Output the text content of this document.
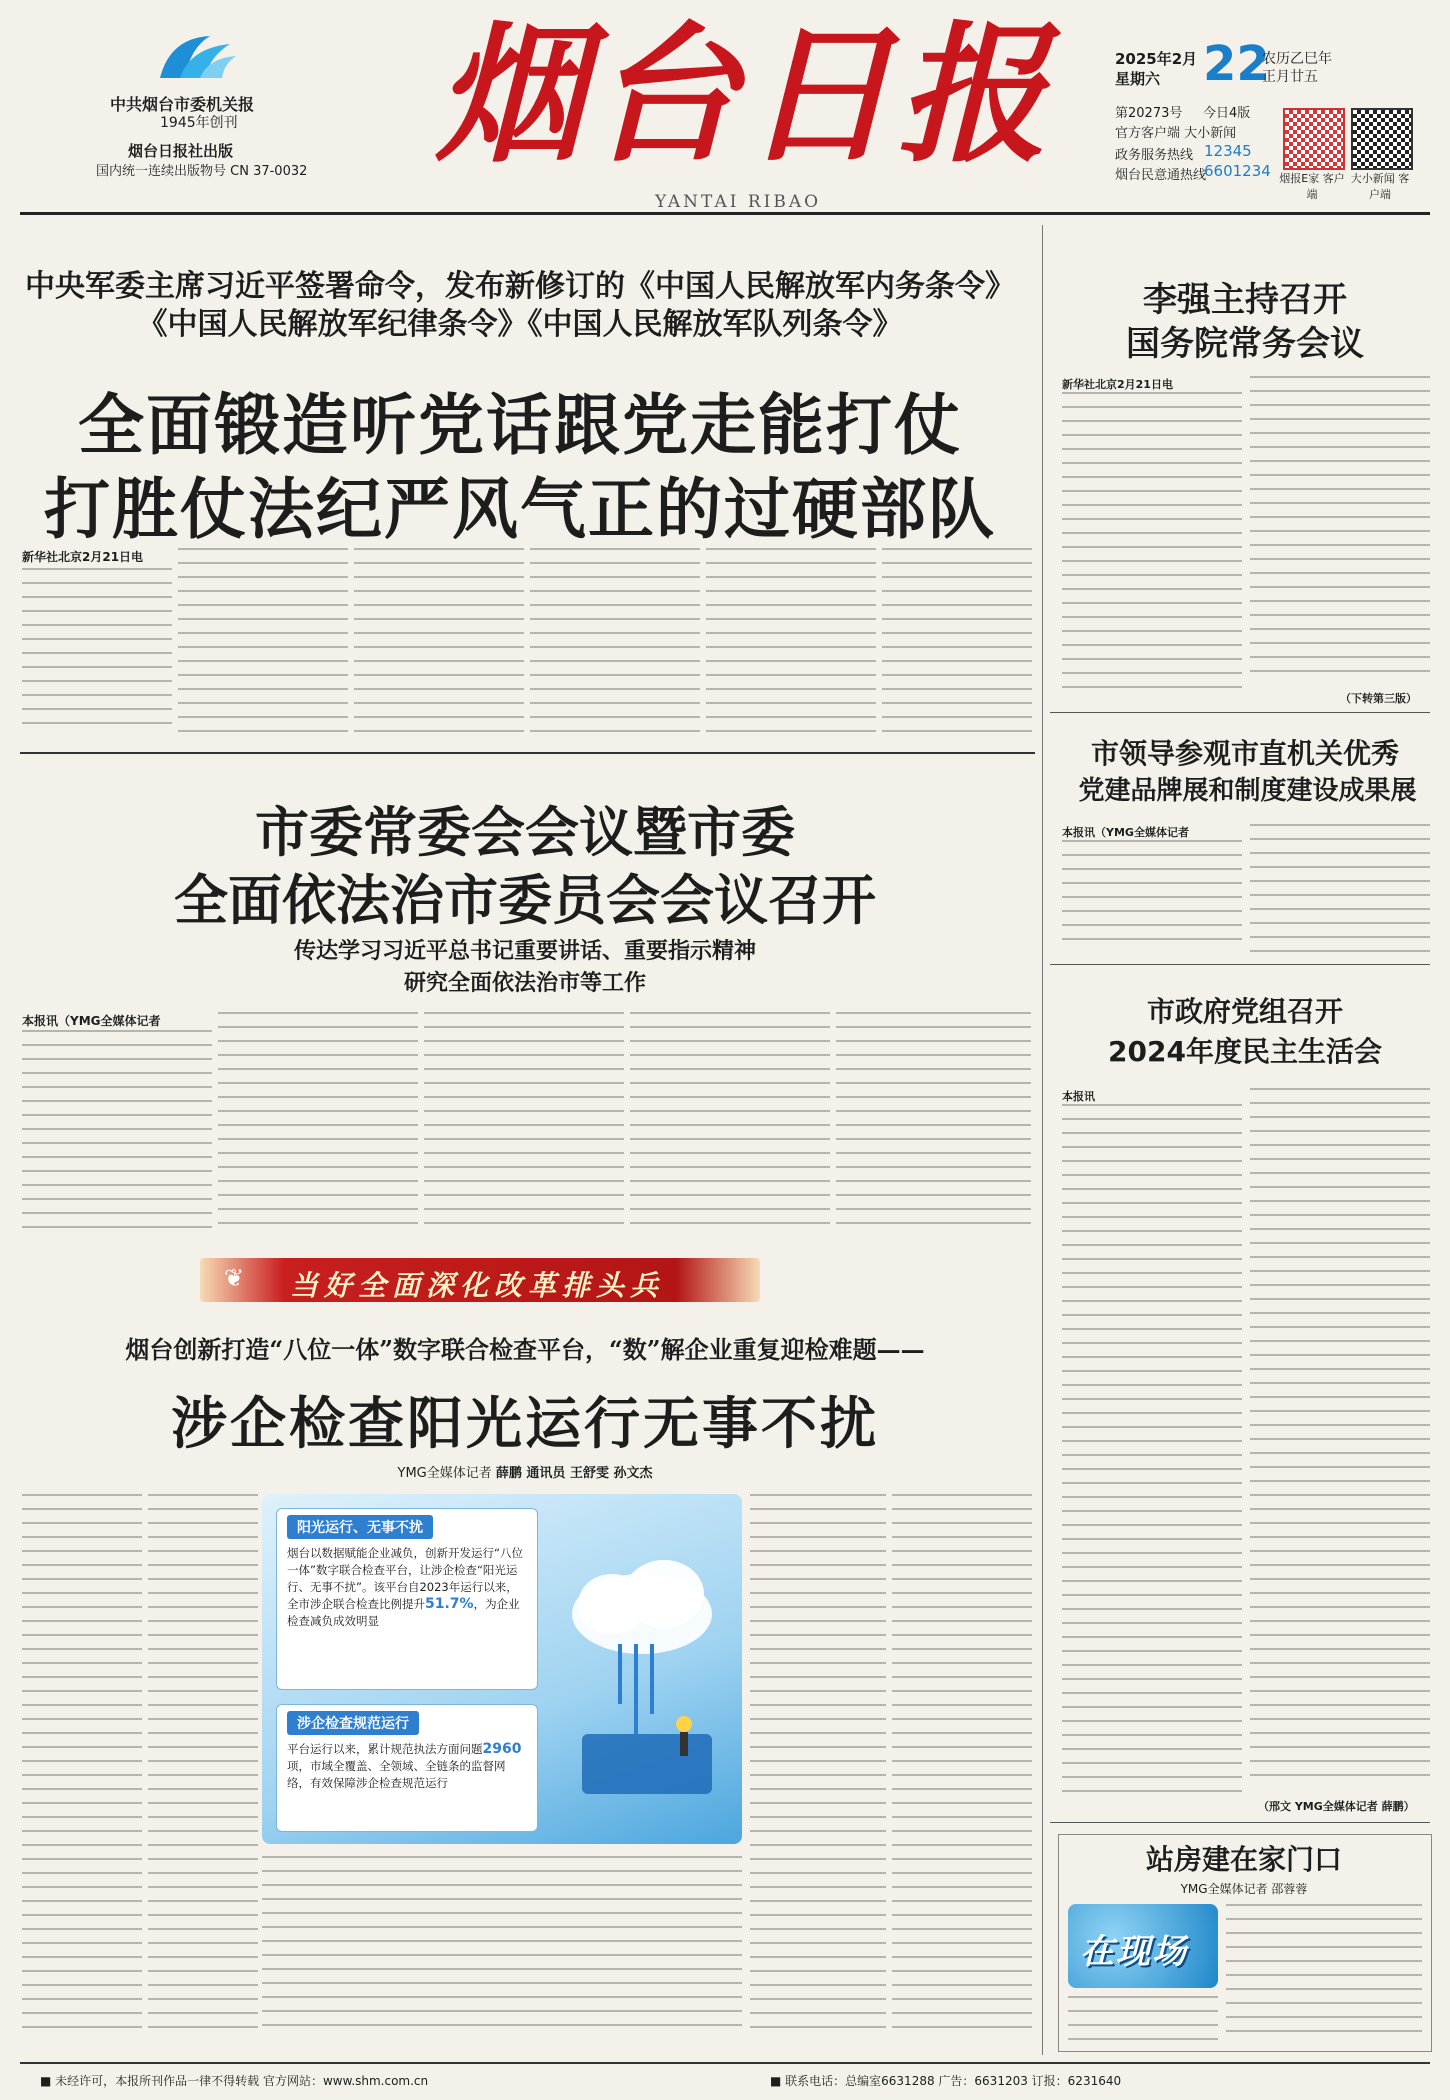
中共烟台市委机关报
1945年创刊
烟台日报社出版
国内统一连续出版物号 CN 37-0032 烟台日报
YANTAI RIBAO
2025年2月
星期六 22
农历乙巳年
正月廿五
第20273号 今日4版
官方客户端 大小新闻
政务服务热线 12345
烟台民意通热线
6601234 烟报E家 客户端
大小新闻 客户端
中央军委主席习近平签署命令，发布新修订的《中国人民解放军内务条令》《中国人民解放军纪律条令》《中国人民解放军队列条令》
全面锻造听党话跟党走能打仗
打胜仗法纪严风气正的过硬部队
新华社北京2月21日电
市委常委会会议暨市委
全面依法治市委员会会议召开
传达学习习近平总书记重要讲话、重要指示精神
研究全面依法治市等工作
本报讯（YMG全媒体记者
❦ 当好全面深化改革排头兵
烟台创新打造“八位一体”数字联合检查平台，“数”解企业重复迎检难题——
涉企检查阳光运行无事不扰
YMG全媒体记者 薛鹏 通讯员 王舒雯 孙文杰
阳光运行、无事不扰
烟台以数据赋能企业减负，创新开发运行“八位一体”数字联合检查平台，让涉企检查“阳光运行、无事不扰”。该平台自2023年运行以来，全市涉企联合检查比例提升51.7%，为企业检查减负成效明显
涉企检查规范运行
平台运行以来，累计规范执法方面问题2960项，市域全覆盖、全领域、全链条的监督网络，有效保障涉企检查规范运行
李强主持召开
国务院常务会议
新华社北京2月21日电
（下转第三版）
市领导参观市直机关优秀
党建品牌展和制度建设成果展
本报讯（YMG全媒体记者
市政府党组召开
2024年度民主生活会
本报讯
（邢文 YMG全媒体记者 薛鹏）
站房建在家门口
YMG全媒体记者 邵蓉蓉
在现场
■ 未经许可，本报所刊作品一律不得转载 官方网站：www.shm.com.cn	■ 联系电话：总编室6631288 广告：6631203 订报：6231640
